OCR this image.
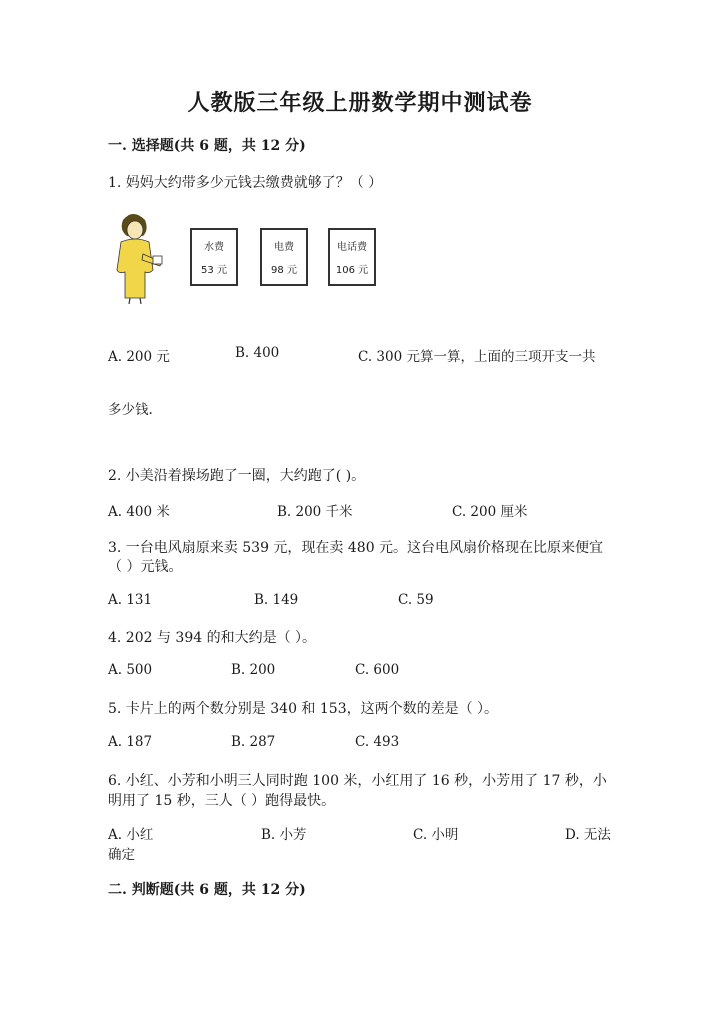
人教版三年级上册数学期中测试卷
一. 选择题(共 6 题，共 12 分)
1. 妈妈大约带多少元钱去缴费就够了？（ ）
水费
53 元
电费
98 元
电话费
106 元
A. 200 元	B. 400	C. 300 元算一算，上面的三项开支一共
多少钱.
2. 小美沿着操场跑了一圈，大约跑了( )。
A. 400 米	B. 200 千米	C. 200 厘米
3. 一台电风扇原来卖 539 元，现在卖 480 元。这台电风扇价格现在比原来便宜
（ ）元钱。
A. 131	B. 149	C. 59
4. 202 与 394 的和大约是（ ）。
A. 500	B. 200	C. 600
5. 卡片上的两个数分别是 340 和 153，这两个数的差是（ ）。
A. 187	B. 287	C. 493
6. 小红、小芳和小明三人同时跑 100 米，小红用了 16 秒，小芳用了 17 秒，小
明用了 15 秒，三人（ ）跑得最快。
A. 小红	B. 小芳	C. 小明	D. 无法
确定
二. 判断题(共 6 题，共 12 分)
